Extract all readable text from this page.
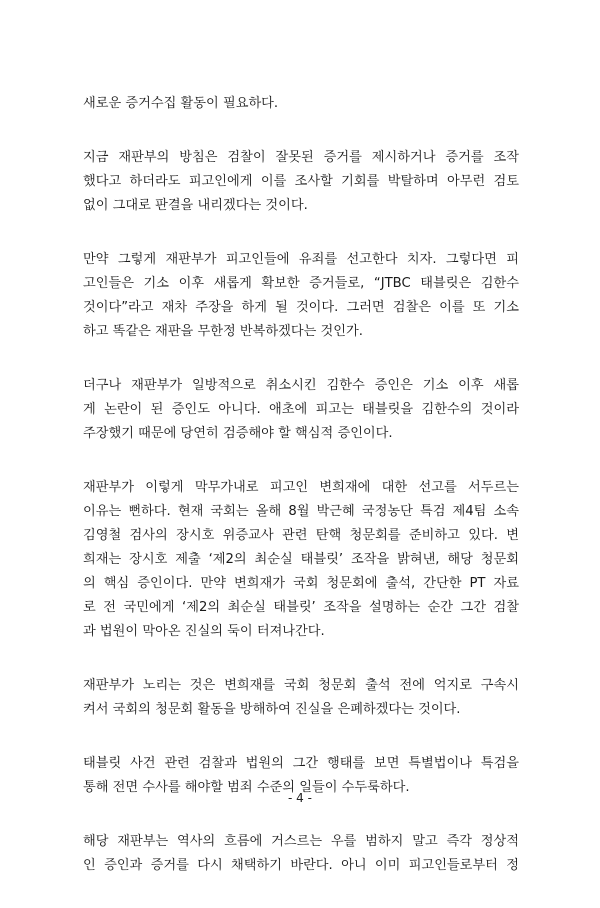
새로운 증거수집 활동이 필요하다.

지금 재판부의 방침은 검찰이 잘못된 증거를 제시하거나 증거를 조작
했다고 하더라도 피고인에게 이를 조사할 기회를 박탈하며 아무런 검토
없이 그대로 판결을 내리겠다는 것이다.

만약 그렇게 재판부가 피고인들에 유죄를 선고한다 치자. 그렇다면 피
고인들은 기소 이후 새롭게 확보한 증거들로, “JTBC 태블릿은 김한수
것이다”라고 재차 주장을 하게 될 것이다. 그러면 검찰은 이를 또 기소
하고 똑같은 재판을 무한정 반복하겠다는 것인가.

더구나 재판부가 일방적으로 취소시킨 김한수 증인은 기소 이후 새롭
게 논란이 된 증인도 아니다. 애초에 피고는 태블릿을 김한수의 것이라
주장했기 때문에 당연히 검증해야 할 핵심적 증인이다.

재판부가 이렇게 막무가내로 피고인 변희재에 대한 선고를 서두르는
이유는 뻔하다. 현재 국회는 올해 8월 박근혜 국정농단 특검 제4팀 소속
김영철 검사의 장시호 위증교사 관련 탄핵 청문회를 준비하고 있다. 변
희재는 장시호 제출 ‘제2의 최순실 태블릿’ 조작을 밝혀낸, 해당 청문회
의 핵심 증인이다. 만약 변희재가 국회 청문회에 출석, 간단한 PT 자료
로 전 국민에게 ‘제2의 최순실 태블릿’ 조작을 설명하는 순간 그간 검찰
과 법원이 막아온 진실의 둑이 터져나간다.

재판부가 노리는 것은 변희재를 국회 청문회 출석 전에 억지로 구속시
켜서 국회의 청문회 활동을 방해하여 진실을 은폐하겠다는 것이다.

태블릿 사건 관련 검찰과 법원의 그간 행태를 보면 특별법이나 특검을
통해 전면 수사를 해야할 범죄 수준의 일들이 수두룩하다.

해당 재판부는 역사의 흐름에 거스르는 우를 범하지 말고 즉각 정상적
인 증인과 증거를 다시 채택하기 바란다. 아니 이미 피고인들로부터 정

- 4 -
